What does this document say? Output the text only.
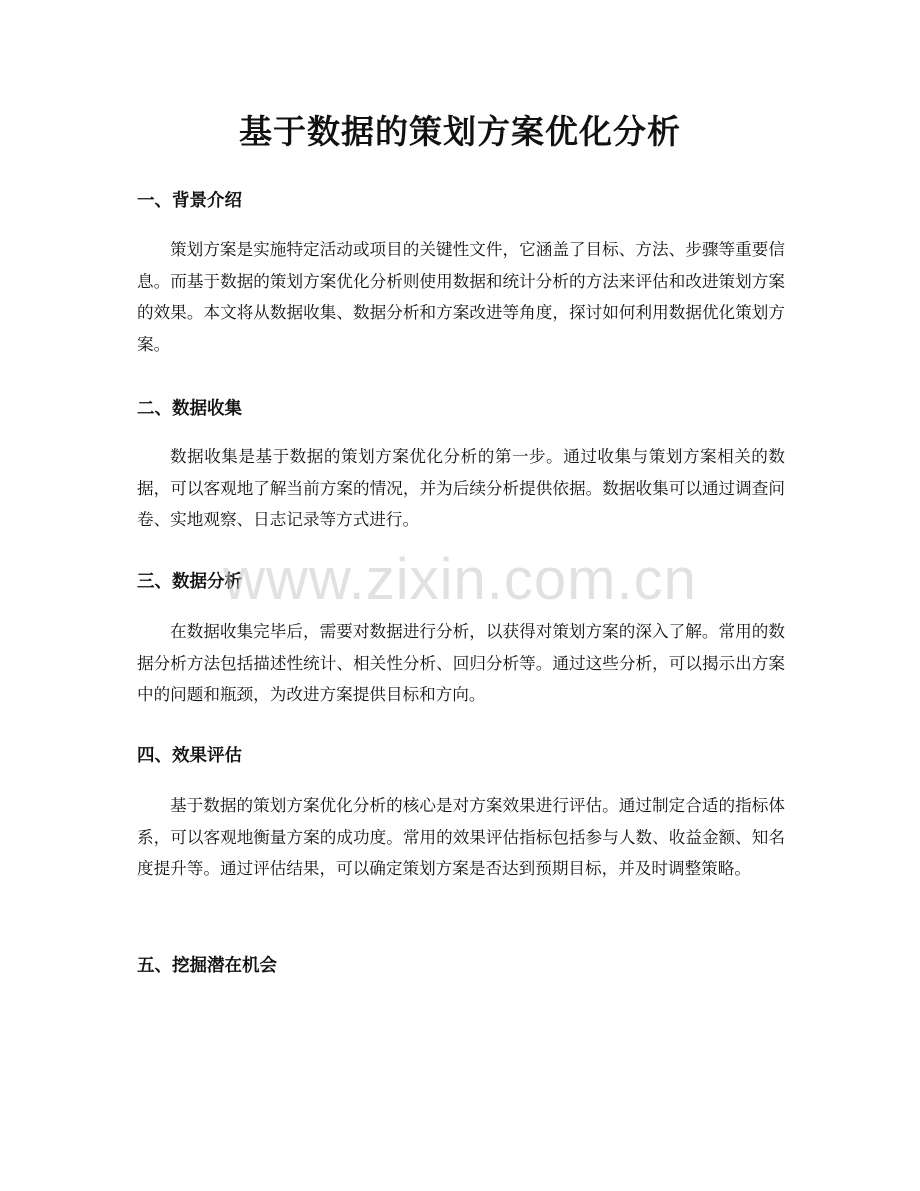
基于数据的策划方案优化分析
一、背景介绍

策划方案是实施特定活动或项目的关键性文件，它涵盖了目标、方法、步骤等重要信息。而基于数据的策划方案优化分析则使用数据和统计分析的方法来评估和改进策划方案的效果。本文将从数据收集、数据分析和方案改进等角度，探讨如何利用数据优化策划方案。

二、数据收集

数据收集是基于数据的策划方案优化分析的第一步。通过收集与策划方案相关的数据，可以客观地了解当前方案的情况，并为后续分析提供依据。数据收集可以通过调查问卷、实地观察、日志记录等方式进行。

三、数据分析

在数据收集完毕后，需要对数据进行分析，以获得对策划方案的深入了解。常用的数据分析方法包括描述性统计、相关性分析、回归分析等。通过这些分析，可以揭示出方案中的问题和瓶颈，为改进方案提供目标和方向。

四、效果评估

基于数据的策划方案优化分析的核心是对方案效果进行评估。通过制定合适的指标体系，可以客观地衡量方案的成功度。常用的效果评估指标包括参与人数、收益金额、知名度提升等。通过评估结果，可以确定策划方案是否达到预期目标，并及时调整策略。

五、挖掘潜在机会
www.zixin.com.cn
